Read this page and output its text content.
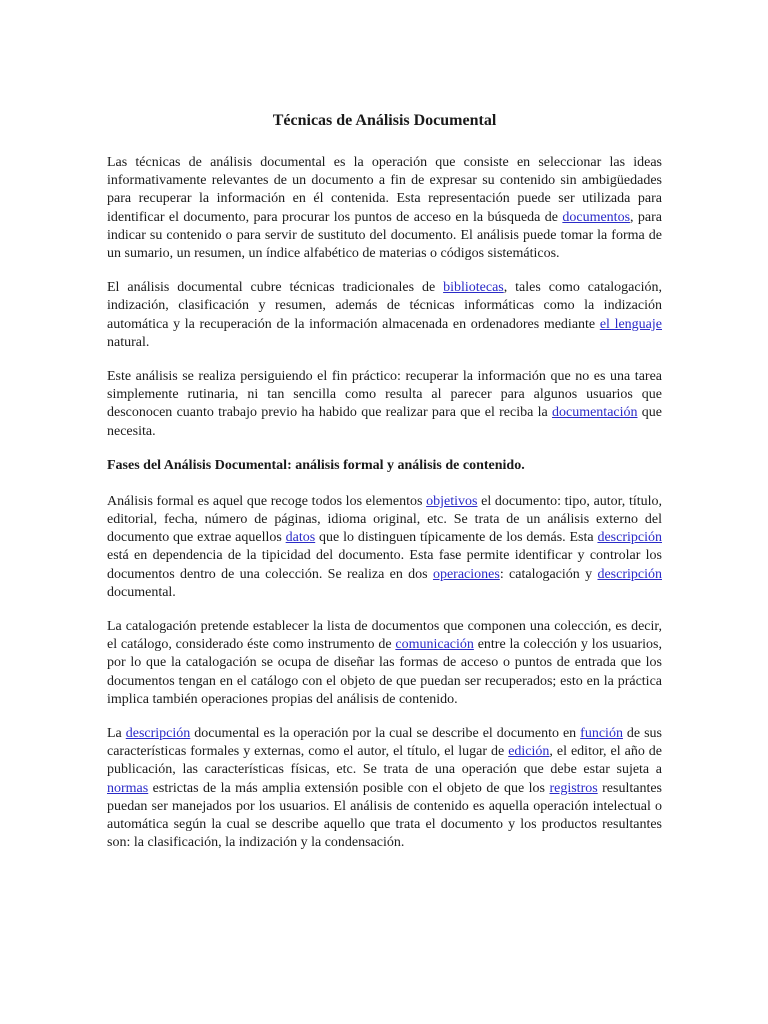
Técnicas de Análisis Documental

Las técnicas de análisis documental es la operación que consiste en seleccionar las ideas informativamente relevantes de un documento a fin de expresar su contenido sin ambigüedades para recuperar la información en él contenida. Esta representación puede ser utilizada para identificar el documento, para procurar los puntos de acceso en la búsqueda de documentos, para indicar su contenido o para servir de sustituto del documento. El análisis puede tomar la forma de un sumario, un resumen, un índice alfabético de materias o códigos sistemáticos.

El análisis documental cubre técnicas tradicionales de bibliotecas, tales como catalogación, indización, clasificación y resumen, además de técnicas informáticas como la indización automática y la recuperación de la información almacenada en ordenadores mediante el lenguaje natural.

Este análisis se realiza persiguiendo el fin práctico: recuperar la información que no es una tarea simplemente rutinaria, ni tan sencilla como resulta al parecer para algunos usuarios que desconocen cuanto trabajo previo ha habido que realizar para que el reciba la documentación que necesita.

Fases del Análisis Documental: análisis formal y análisis de contenido.

Análisis formal es aquel que recoge todos los elementos objetivos el documento: tipo, autor, título, editorial, fecha, número de páginas, idioma original, etc. Se trata de un análisis externo del documento que extrae aquellos datos que lo distinguen típicamente de los demás. Esta descripción está en dependencia de la tipicidad del documento. Esta fase permite identificar y controlar los documentos dentro de una colección. Se realiza en dos operaciones: catalogación y descripción documental.

La catalogación pretende establecer la lista de documentos que componen una colección, es decir, el catálogo, considerado éste como instrumento de comunicación entre la colección y los usuarios, por lo que la catalogación se ocupa de diseñar las formas de acceso o puntos de entrada que los documentos tengan en el catálogo con el objeto de que puedan ser recuperados; esto en la práctica implica también operaciones propias del análisis de contenido.

La descripción documental es la operación por la cual se describe el documento en función de sus características formales y externas, como el autor, el título, el lugar de edición, el editor, el año de publicación, las características físicas, etc. Se trata de una operación que debe estar sujeta a normas estrictas de la más amplia extensión posible con el objeto de que los registros resultantes puedan ser manejados por los usuarios. El análisis de contenido es aquella operación intelectual o automática según la cual se describe aquello que trata el documento y los productos resultantes son: la clasificación, la indización y la condensación.
